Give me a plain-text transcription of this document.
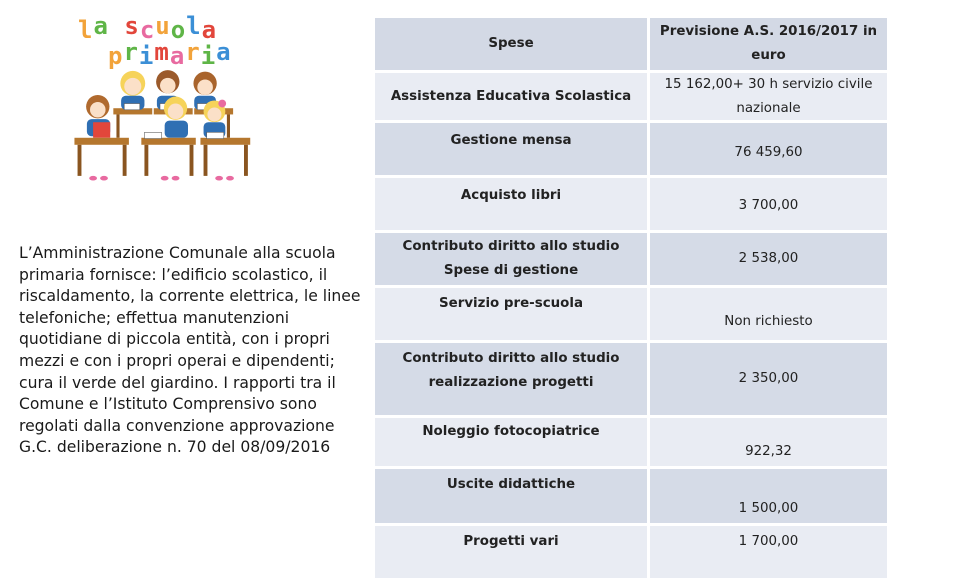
la scuola
primaria
L’Amministrazione Comunale alla scuola primaria fornisce: l’edificio scolastico, il riscaldamento, la corrente elettrica, le linee telefoniche; effettua manutenzioni quotidiane di piccola entità, con i propri mezzi e con i propri operai e dipendenti; cura il verde del giardino. I rapporti tra il Comune e l’Istituto Comprensivo sono regolati dalla convenzione approvazione G.C. deliberazione n. 70 del 08/09/2016
Spese
Previsione A.S. 2016/2017 in euro
Assistenza Educativa Scolastica
15 162,00+ 30 h servizio civile nazionale
Gestione mensa
76 459,60
Acquisto libri
3 700,00
Contributo diritto allo studio Spese di gestione
2 538,00
Servizio pre-scuola
Non richiesto
Contributo diritto allo studio realizzazione progetti	2 350,00
Noleggio fotocopiatrice
922,32
Uscite didattiche
1 500,00
Progetti vari	1 700,00
